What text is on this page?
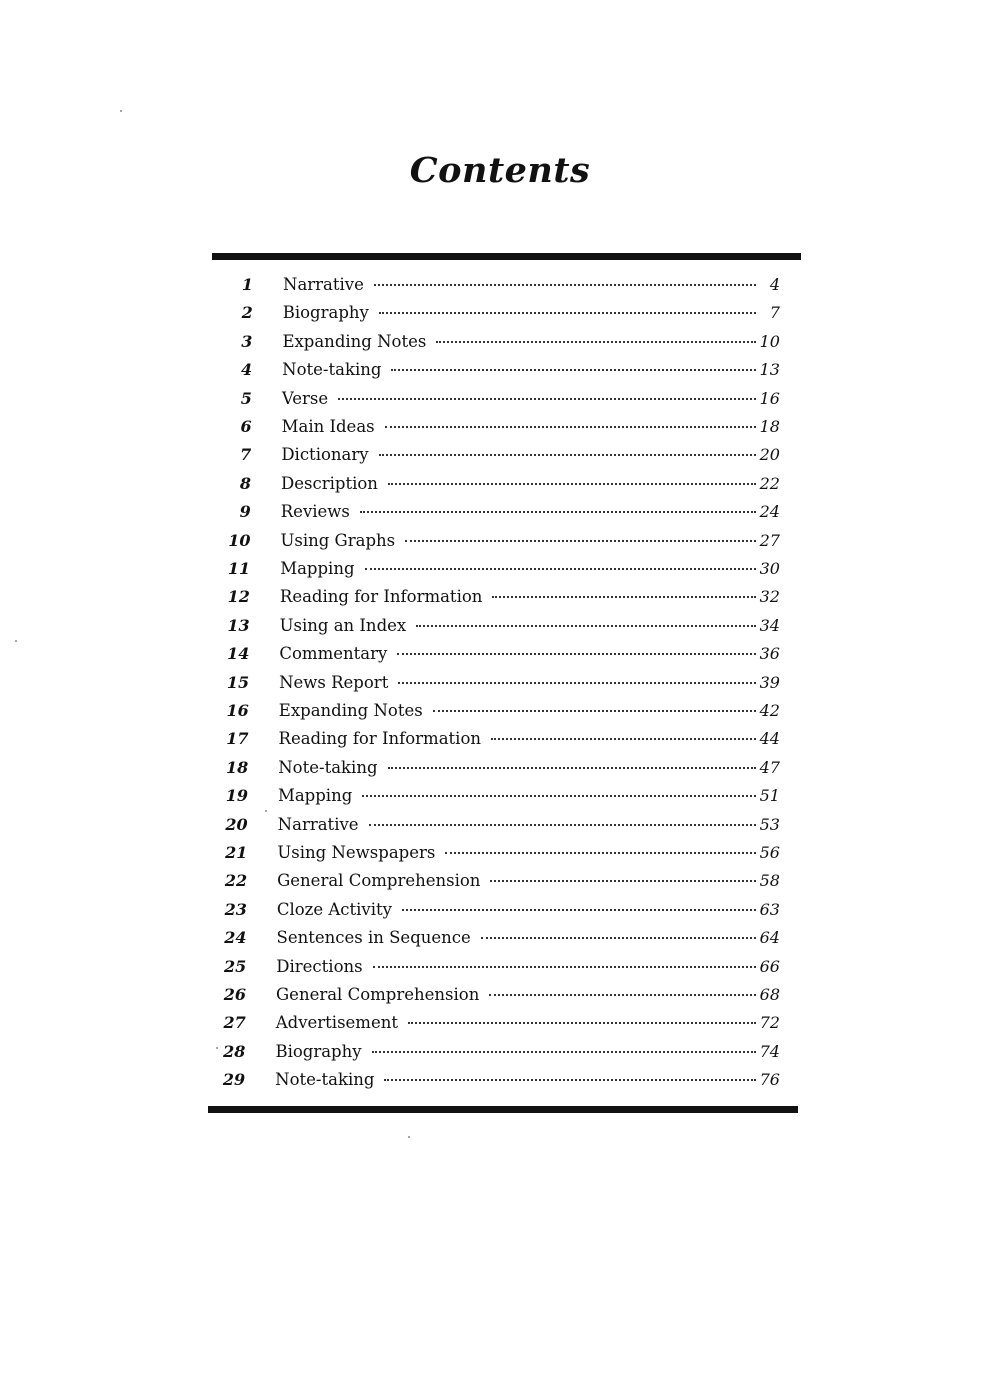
Contents
1 Narrative	4
2 Biography	7
3 Expanding Notes	10
4 Note-taking	13
5 Verse	16
6 Main Ideas	18
7 Dictionary	20
8 Description	22
9 Reviews	24
10 Using Graphs	27
11 Mapping	30
12 Reading for Information	32
13 Using an Index	34
14 Commentary	36
15 News Report	39
16 Expanding Notes	42
17 Reading for Information	44
18 Note-taking	47
19 Mapping	51
20 Narrative	53
21 Using Newspapers	56
22 General Comprehension	58
23 Cloze Activity	63
24 Sentences in Sequence	64
25 Directions	66
26 General Comprehension	68
27 Advertisement	72
28 Biography	74
29 Note-taking	76
